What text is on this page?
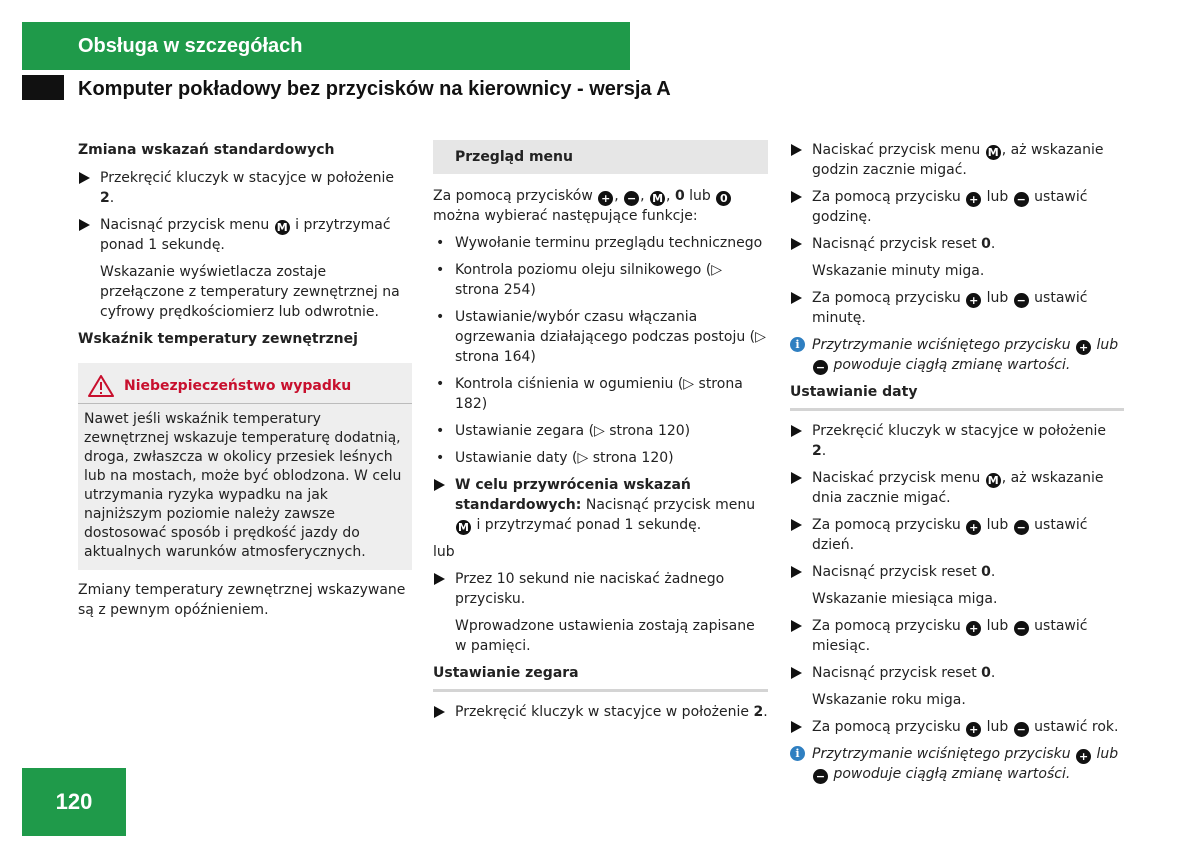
Obsługa w szczegółach
Komputer pokładowy bez przycisków na kierownicy - wersja A
Zmiana wskazań standardowych
Przekręcić kluczyk w stacyjce w położenie 2.
Nacisnąć przycisk menu M i przytrzymać ponad 1 sekundę.
Wskazanie wyświetlacza zostaje przełączone z temperatury zewnętrznej na cyfrowy prędkościomierz lub odwrotnie.
Wskaźnik temperatury zewnętrznej
Niebezpieczeństwo wypadku
Nawet jeśli wskaźnik temperatury zewnętrznej wskazuje temperaturę dodatnią, droga, zwłaszcza w okolicy przesiek leśnych lub na mostach, może być oblodzona. W celu utrzymania ryzyka wypadku na jak najniższym poziomie należy zawsze dostosować sposób i prędkość jazdy do aktualnych warunków atmosferycznych.
Zmiany temperatury zewnętrznej wskazywane są z pewnym opóźnieniem.
Przegląd menu
Za pomocą przycisków + , − , M , 0 lub 0 można wybierać następujące funkcje:
• Wywołanie terminu przeglądu technicznego
• Kontrola poziomu oleju silnikowego (▷ strona 254)
• Ustawianie/wybór czasu włączania ogrzewania działającego podczas postoju (▷ strona 164)
• Kontrola ciśnienia w ogumieniu (▷ strona 182)
• Ustawianie zegara (▷ strona 120)
• Ustawianie daty (▷ strona 120)
W celu przywrócenia wskazań standardowych: Nacisnąć przycisk menu M i przytrzymać ponad 1 sekundę.
lub
Przez 10 sekund nie naciskać żadnego przycisku.
Wprowadzone ustawienia zostają zapisane w pamięci.
Ustawianie zegara
Przekręcić kluczyk w stacyjce w położenie 2.
Naciskać przycisk menu M , aż wskazanie godzin zacznie migać.
Za pomocą przycisku + lub − ustawić godzinę.
Nacisnąć przycisk reset 0.
Wskazanie minuty miga.
Za pomocą przycisku + lub − ustawić minutę.
i Przytrzymanie wciśniętego przycisku + lub − powoduje ciągłą zmianę wartości.
Ustawianie daty
Przekręcić kluczyk w stacyjce w położenie 2.
Naciskać przycisk menu M , aż wskazanie dnia zacznie migać.
Za pomocą przycisku + lub − ustawić dzień.
Nacisnąć przycisk reset 0.
Wskazanie miesiąca miga.
Za pomocą przycisku + lub − ustawić miesiąc.
Nacisnąć przycisk reset 0.
Wskazanie roku miga.
Za pomocą przycisku + lub − ustawić rok.
i Przytrzymanie wciśniętego przycisku + lub − powoduje ciągłą zmianę wartości.
120
